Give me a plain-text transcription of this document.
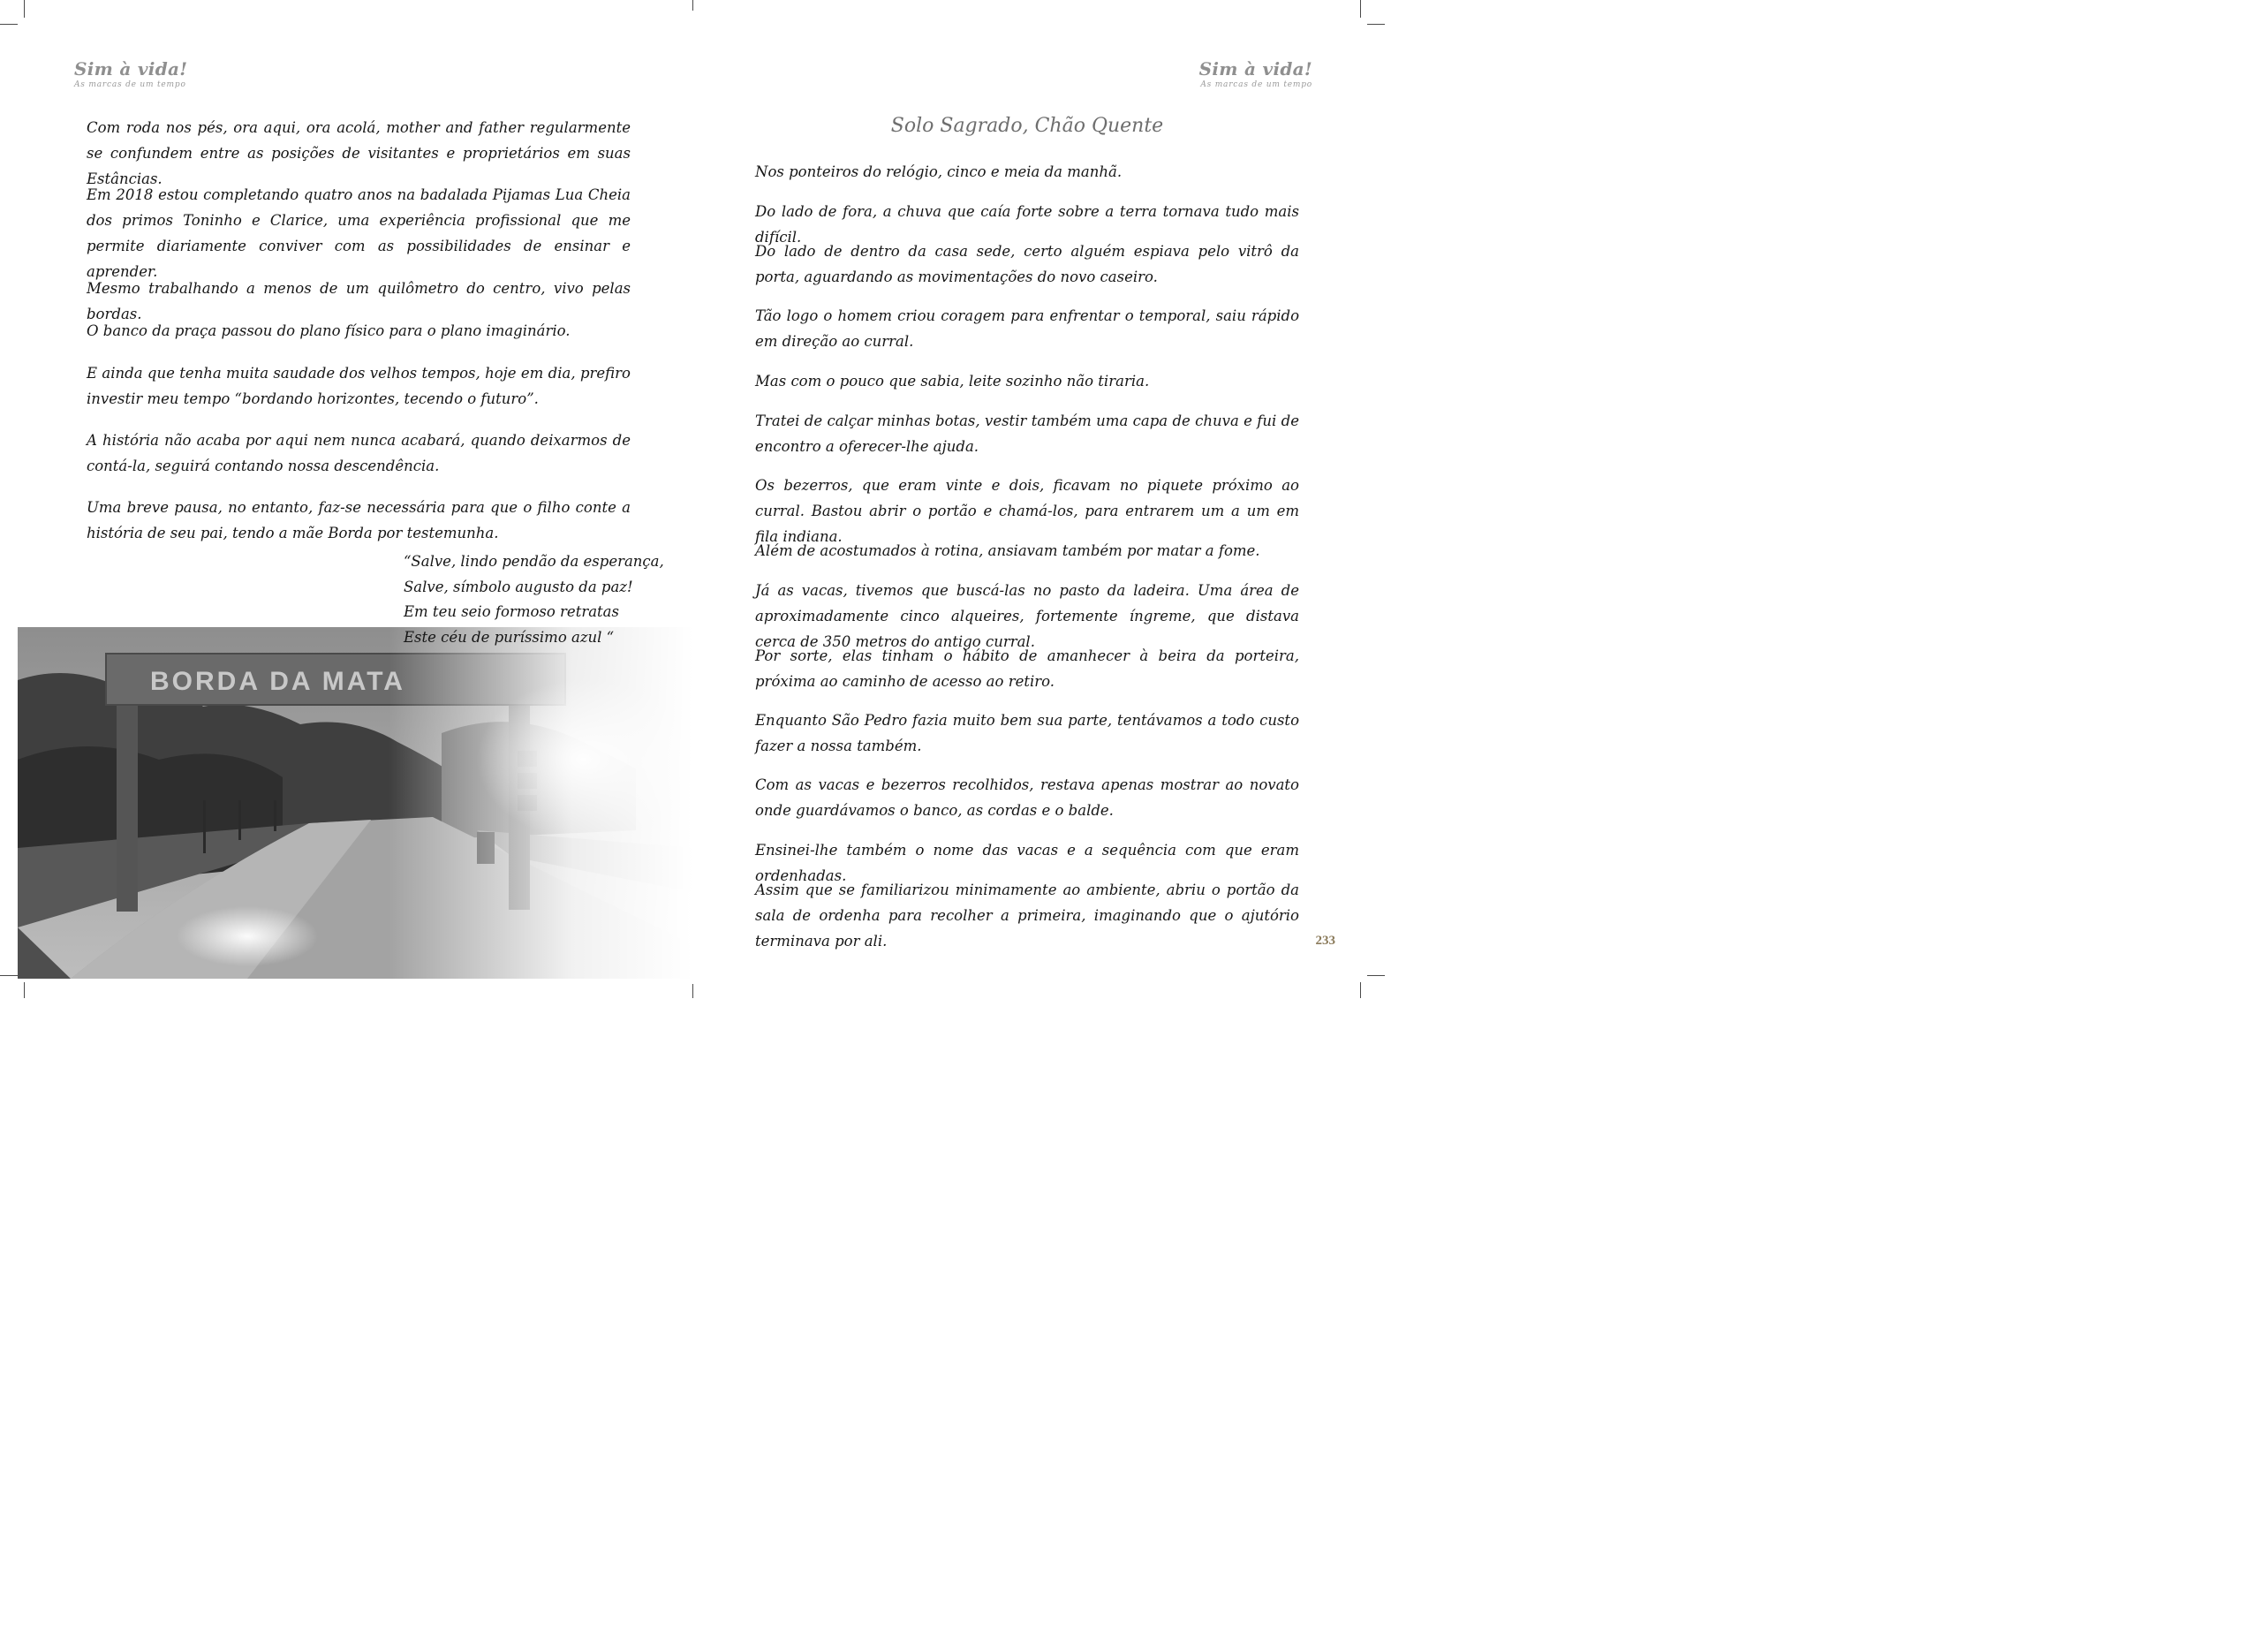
Sim à vida!
As marcas de um tempo

Com roda nos pés, ora aqui, ora acolá, mother and father regularmente se confundem entre as posições de visitantes e proprietários em suas Estâncias.

Em 2018 estou completando quatro anos na badalada Pijamas Lua Cheia dos primos Toninho e Clarice, uma experiência profissional que me permite diariamente conviver com as possibilidades de ensinar e aprender.

Mesmo trabalhando a menos de um quilômetro do centro, vivo pelas bordas.

O banco da praça passou do plano físico para o plano imaginário.

E ainda que tenha muita saudade dos velhos tempos, hoje em dia, prefiro investir meu tempo “bordando horizontes, tecendo o futuro”.

A história não acaba por aqui nem nunca acabará, quando deixarmos de contá-la, seguirá contando nossa descendência.

Uma breve pausa, no entanto, faz-se necessária para que o filho conte a história de seu pai, tendo a mãe Borda por testemunha.

“Salve, lindo pendão da esperança,
Salve, símbolo augusto da paz!
Em teu seio formoso retratas
Este céu de puríssimo azul “
Sim à vida!
As marcas de um tempo
Solo Sagrado, Chão Quente

Nos ponteiros do relógio, cinco e meia da manhã.

Do lado de fora, a chuva que caía forte sobre a terra tornava tudo mais difícil.

Do lado de dentro da casa sede, certo alguém espiava pelo vitrô da porta, aguardando as movimentações do novo caseiro.

Tão logo o homem criou coragem para enfrentar o temporal, saiu rápido em direção ao curral.

Mas com o pouco que sabia, leite sozinho não tiraria.

Tratei de calçar minhas botas, vestir também uma capa de chuva e fui de encontro a oferecer-lhe ajuda.

Os bezerros, que eram vinte e dois, ficavam no piquete próximo ao curral. Bastou abrir o portão e chamá-los, para entrarem um a um em fila indiana.

Além de acostumados à rotina, ansiavam também por matar a fome.

Já as vacas, tivemos que buscá-las no pasto da ladeira. Uma área de aproximadamente cinco alqueires, fortemente íngreme, que distava cerca de 350 metros do antigo curral.

Por sorte, elas tinham o hábito de amanhecer à beira da porteira, próxima ao caminho de acesso ao retiro.

Enquanto São Pedro fazia muito bem sua parte, tentávamos a todo custo fazer a nossa também.

Com as vacas e bezerros recolhidos, restava apenas mostrar ao novato onde guardávamos o banco, as cordas e o balde.

Ensinei-lhe também o nome das vacas e a sequência com que eram ordenhadas.

Assim que se familiarizou minimamente ao ambiente, abriu o portão da sala de ordenha para recolher a primeira, imaginando que o ajutório terminava por ali.	233
